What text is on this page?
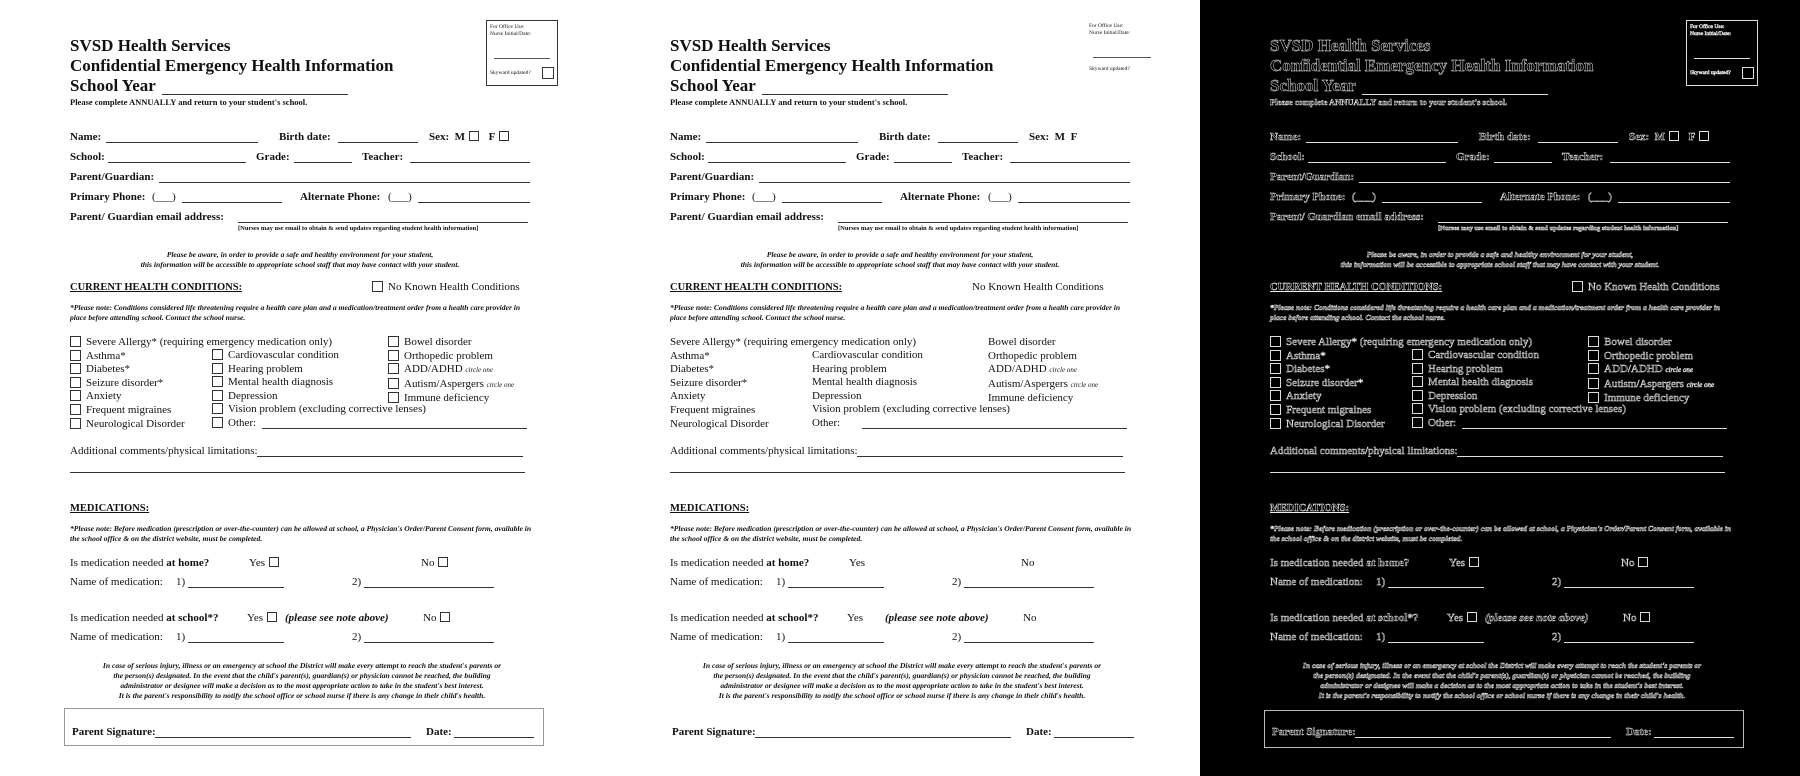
SVSD Health Services
Confidential Emergency Health Information
School Year
Please complete ANNUALLY and return to your student's school.
For Office Use:
Nurse Initial/Date:
Skyward updated?
Name:	Birth date:	Sex: M F
School:	Grade:	Teacher:
Parent/Guardian:
Primary Phone: (___)	Alternate Phone: (___)
Parent/ Guardian email address:
[Nurses may use email to obtain & send updates regarding student health information]
Please be aware, in order to provide a safe and healthy environment for your student,
this information will be accessible to appropriate school staff that may have contact with your student.
CURRENT HEALTH CONDITIONS:	No Known Health Conditions
*Please note: Conditions considered life threatening require a health care plan and a medication/treatment order from a health care provider in place before attending school. Contact the school nurse.
Severe Allergy* (requiring emergency medication only)
Asthma*
Diabetes*
Seizure disorder*
Anxiety
Frequent migraines
Neurological Disorder
Cardiovascular condition
Hearing problem
Mental health diagnosis
Depression
Vision problem (excluding corrective lenses)
Other:
Bowel disorder
Orthopedic problem
ADD/ADHD circle one
Autism/Aspergers circle one
Immune deficiency
Additional comments/physical limitations:
MEDICATIONS:
*Please note: Before medication (prescription or over-the-counter) can be allowed at school, a Physician's Order/Parent Consent form, available in the school office & on the district website, must be completed.
Is medication needed at home?	Yes	No
Name of medication: 1)	2)
Is medication needed at school*?	Yes	(please see note above)	No
Name of medication: 1)	2)
In case of serious injury, illness or an emergency at school the District will make every attempt to reach the student's parents or
the person(s) designated. In the event that the child's parent(s), guardian(s) or physician cannot be reached, the building
administrator or designee will make a decision as to the most appropriate action to take in the student's best interest.
It is the parent's responsibility to notify the school office or school nurse if there is any change in their child's health.
Parent Signature:	Date:
SVSD Health Services
Confidential Emergency Health Information
School Year
Please complete ANNUALLY and return to your student's school.
For Office Use:
Nurse Initial/Date:
Skyward updated?
Name:	Birth date:	Sex: M F
School:	Grade:	Teacher:
Parent/Guardian:
Primary Phone: (___)	Alternate Phone: (___)
Parent/ Guardian email address:
[Nurses may use email to obtain & send updates regarding student health information]
Please be aware, in order to provide a safe and healthy environment for your student,
this information will be accessible to appropriate school staff that may have contact with your student.
CURRENT HEALTH CONDITIONS:	No Known Health Conditions
*Please note: Conditions considered life threatening require a health care plan and a medication/treatment order from a health care provider in place before attending school. Contact the school nurse.
Severe Allergy* (requiring emergency medication only)
Asthma*
Diabetes*
Seizure disorder*
Anxiety
Frequent migraines
Neurological Disorder
Cardiovascular condition
Hearing problem
Mental health diagnosis
Depression
Vision problem (excluding corrective lenses)
Other:
Bowel disorder
Orthopedic problem
ADD/ADHD circle one
Autism/Aspergers circle one
Immune deficiency
Additional comments/physical limitations:
MEDICATIONS:
*Please note: Before medication (prescription or over-the-counter) can be allowed at school, a Physician's Order/Parent Consent form, available in the school office & on the district website, must be completed.
Is medication needed at home?	Yes	No
Name of medication: 1)	2)
Is medication needed at school*?	Yes (please see note above)	No
Name of medication: 1)	2)
In case of serious injury, illness or an emergency at school the District will make every attempt to reach the student's parents or
the person(s) designated. In the event that the child's parent(s), guardian(s) or physician cannot be reached, the building
administrator or designee will make a decision as to the most appropriate action to take in the student's best interest.
It is the parent's responsibility to notify the school office or school nurse if there is any change in their child's health.
Parent Signature:	Date:
SVSD Health Services
Confidential Emergency Health Information
School Year
Please complete ANNUALLY and return to your student's school.
For Office Use:
Nurse Initial/Date:
Skyward updated?
Name:	Birth date:	Sex: M F
School:	Grade:	Teacher:
Parent/Guardian:
Primary Phone: (___)	Alternate Phone: (___)
Parent/ Guardian email address:
[Nurses may use email to obtain & send updates regarding student health information]
Please be aware, in order to provide a safe and healthy environment for your student,
this information will be accessible to appropriate school staff that may have contact with your student.
CURRENT HEALTH CONDITIONS:	No Known Health Conditions
*Please note: Conditions considered life threatening require a health care plan and a medication/treatment order from a health care provider in place before attending school. Contact the school nurse.
Severe Allergy* (requiring emergency medication only)
Asthma*
Diabetes*
Seizure disorder*
Anxiety
Frequent migraines
Neurological Disorder
Cardiovascular condition
Hearing problem
Mental health diagnosis
Depression
Vision problem (excluding corrective lenses)
Other:
Bowel disorder
Orthopedic problem
ADD/ADHD circle one
Autism/Aspergers circle one
Immune deficiency
Additional comments/physical limitations:
MEDICATIONS:
*Please note: Before medication (prescription or over-the-counter) can be allowed at school, a Physician's Order/Parent Consent form, available in the school office & on the district website, must be completed.
Is medication needed at home?	Yes	No
Name of medication: 1)	2)
Is medication needed at school*?	Yes	(please see note above)	No
Name of medication: 1)	2)
In case of serious injury, illness or an emergency at school the District will make every attempt to reach the student's parents or
the person(s) designated. In the event that the child's parent(s), guardian(s) or physician cannot be reached, the building
administrator or designee will make a decision as to the most appropriate action to take in the student's best interest.
It is the parent's responsibility to notify the school office or school nurse if there is any change in their child's health.
Parent Signature:	Date:
